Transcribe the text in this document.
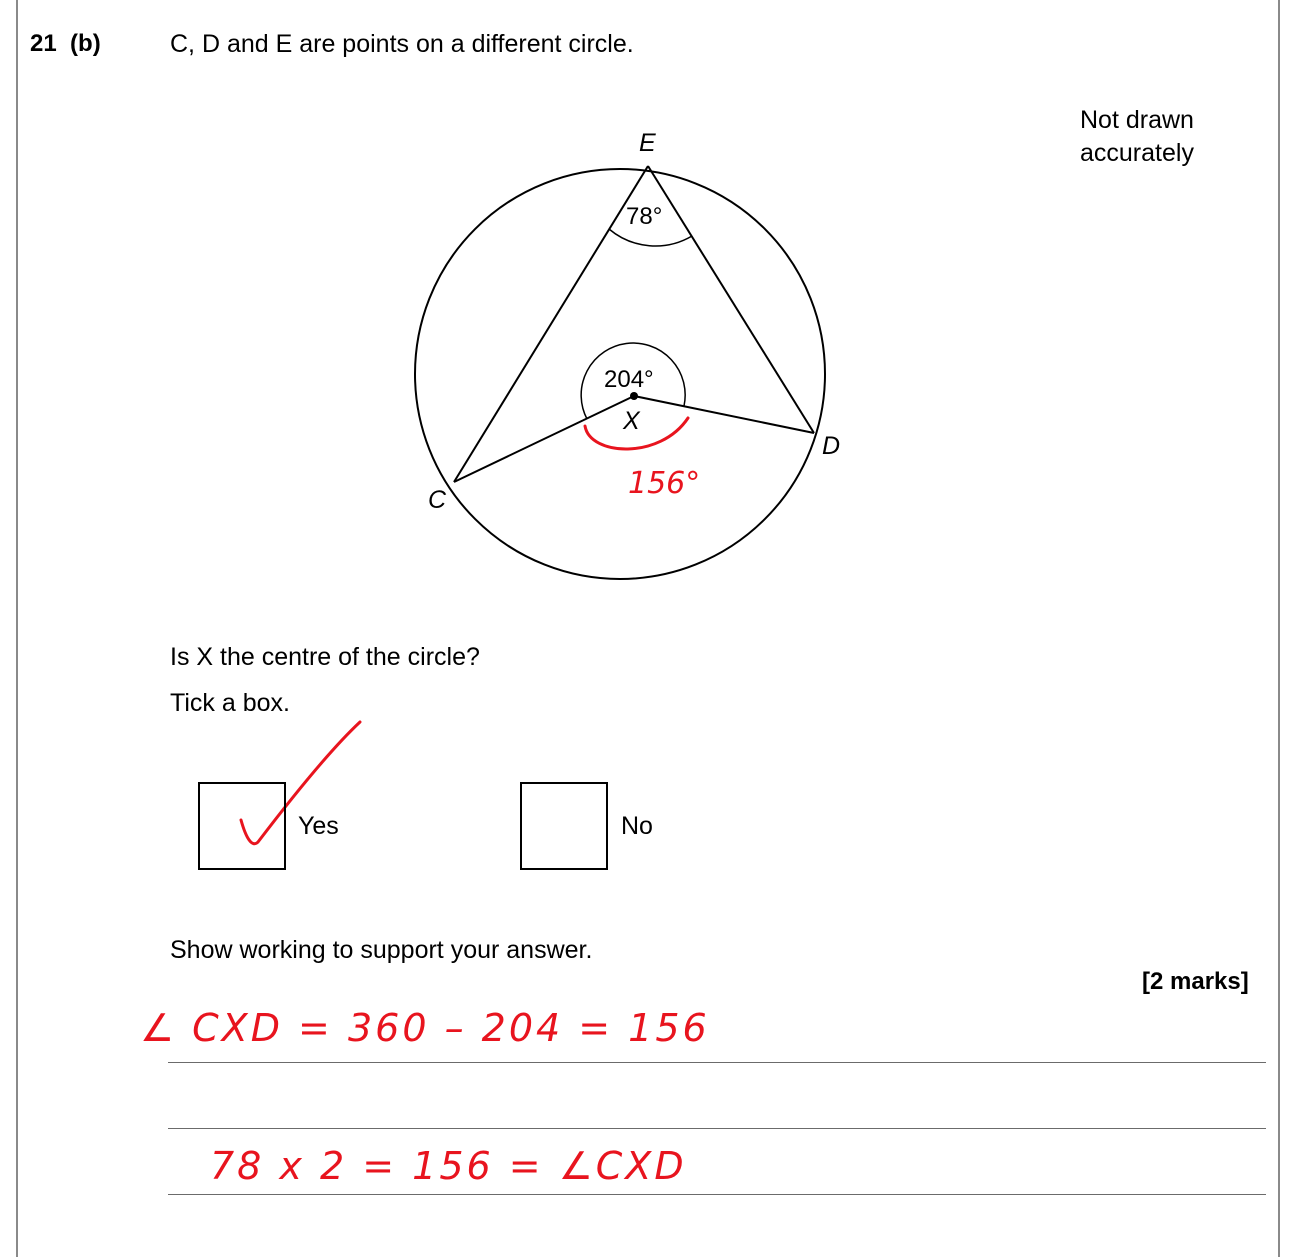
21 (b)	C, D and E are points on a different circle.
Not drawn accurately
E
D
C
X
78°
204°
156°
Is X the centre of the circle?
Tick a box.
Yes	No
Show working to support your answer.
[2 marks]
∠ CXD = 360 – 204 = 156
78 x 2 = 156 = ∠CXD
